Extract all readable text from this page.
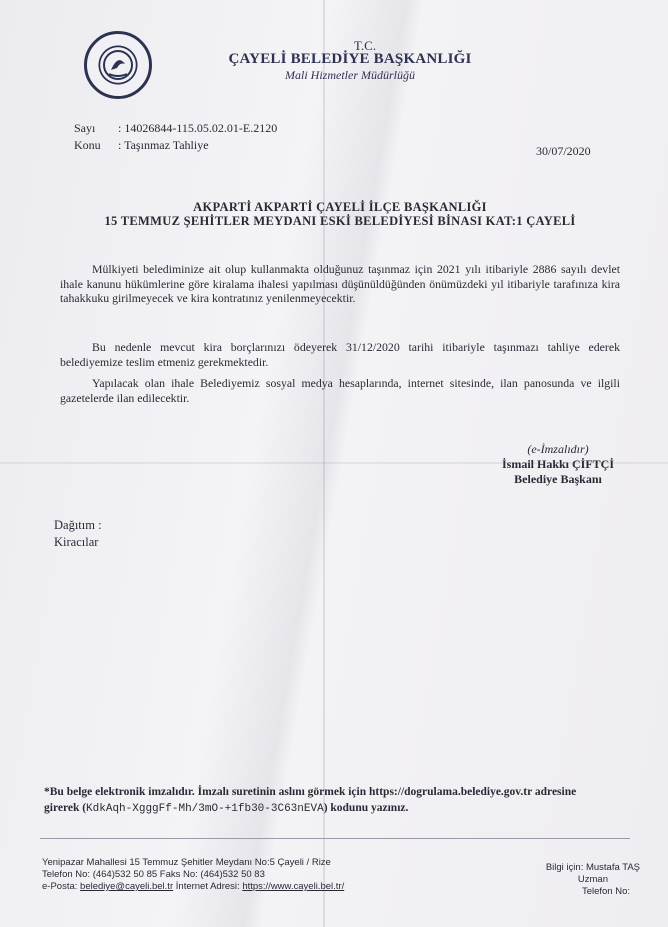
T.C.
ÇAYELİ BELEDİYE BAŞKANLIĞI
Mali Hizmetler Müdürlüğü
Sayı : 14026844-115.05.02.01-E.2120
Konu : Taşınmaz Tahliye	30/07/2020
AKPARTİ AKPARTİ ÇAYELİ İLÇE BAŞKANLIĞI
15 TEMMUZ ŞEHİTLER MEYDANI ESKİ BELEDİYESİ BİNASI KAT:1 ÇAYELİ
Mülkiyeti belediminize ait olup kullanmakta olduğunuz taşınmaz için 2021 yılı itibariyle 2886 sayılı devlet ihale kanunu hükümlerine göre kiralama ihalesi yapılması düşünüldüğünden önümüzdeki yıl itibariyle tarafınıza kira tahakkuku girilmeyecek ve kira kontratınız yenilenmeyecektir.
Bu nedenle mevcut kira borçlarınızı ödeyerek 31/12/2020 tarihi itibariyle taşınmazı tahliye ederek belediyemize teslim etmeniz gerekmektedir.
Yapılacak olan ihale Belediyemiz sosyal medya hesaplarında, internet sitesinde, ilan panosunda ve ilgili gazetelerde ilan edilecektir.
(e-İmzalıdır)
İsmail Hakkı ÇİFTÇİ
Belediye Başkanı
Dağıtım :
Kiracılar
*Bu belge elektronik imzalıdır. İmzalı suretinin aslını görmek için https://dogrulama.belediye.gov.tr adresine
girerek (KdkAqh-XgggFf-Mh/3mO-+1fb30-3C63nEVA) kodunu yazınız.
Yenipazar Mahallesi 15 Temmuz Şehitler Meydanı No:5 Çayeli / Rize
Telefon No: (464)532 50 85 Faks No: (464)532 50 83
e-Posta: belediye@cayeli.bel.tr İnternet Adresi: https://www.cayeli.bel.tr/
Bilgi için: Mustafa TAŞ
Uzman
Telefon No:
